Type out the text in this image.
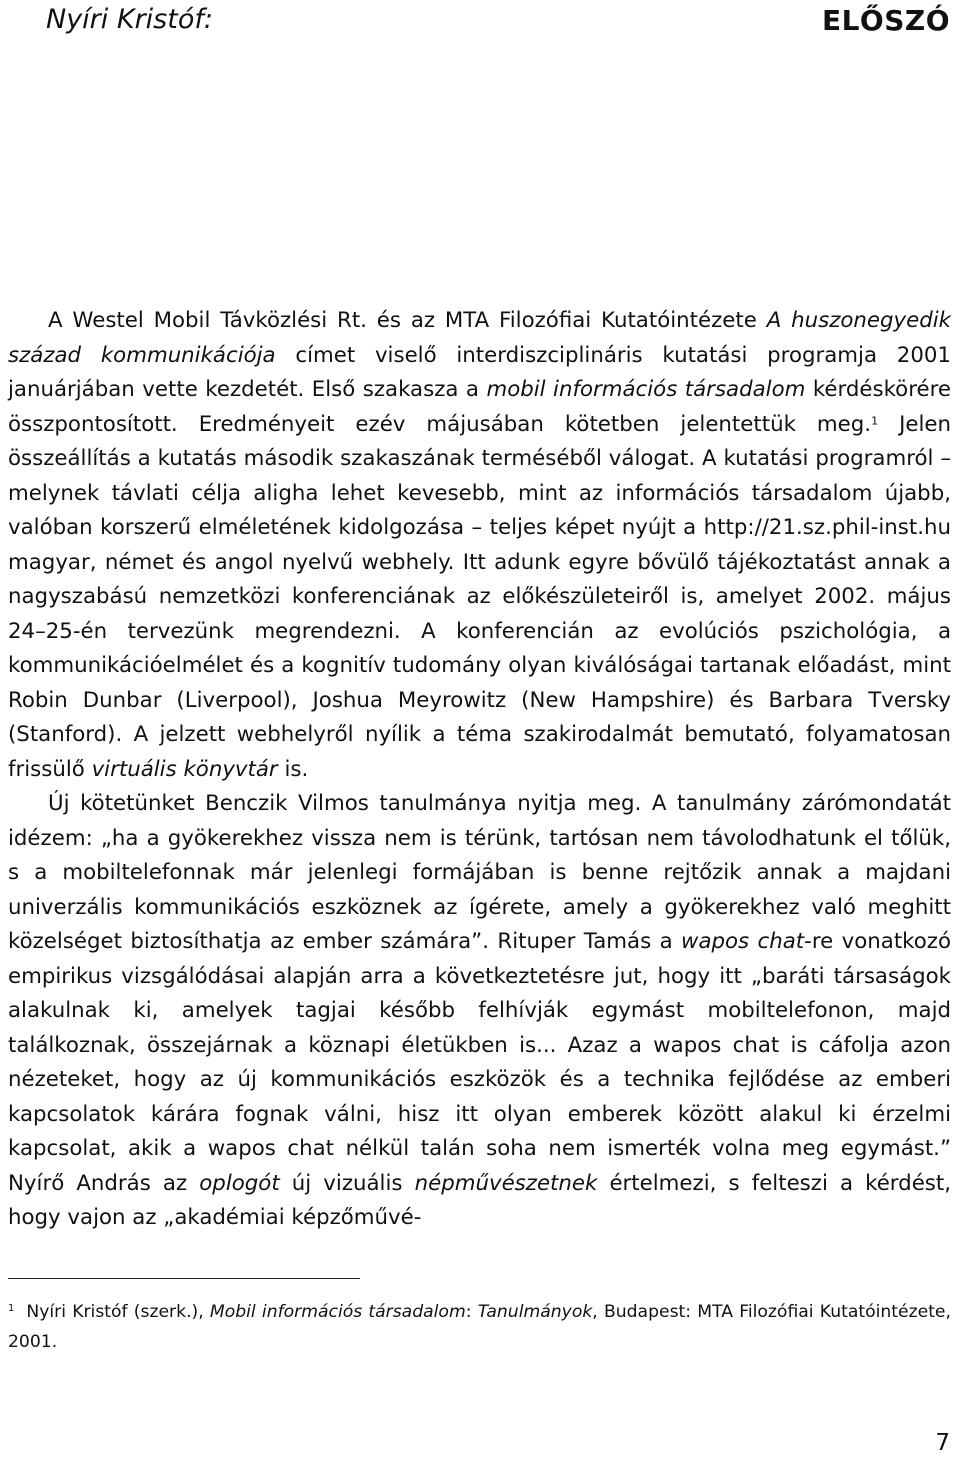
Nyíri Kristóf:	ELŐSZÓ

A Westel Mobil Távközlési Rt. és az MTA Filozófiai Kutatóintézete A huszonegyedik század kommunikációja címet viselő interdiszciplináris kutatási programja 2001 januárjában vette kezdetét. Első szakasza a mobil információs társadalom kérdéskörére összpontosított. Eredményeit ezév májusában kötetben jelentettük meg.$^1$ Jelen összeállítás a kutatás második szakaszának terméséből válogat. A kutatási programról – melynek távlati célja aligha lehet kevesebb, mint az információs társadalom újabb, valóban korszerű elméletének kidolgozása – teljes képet nyújt a http://21.sz.phil-inst.hu magyar, német és angol nyelvű webhely. Itt adunk egyre bővülő tájékoztatást annak a nagyszabású nemzetközi konferenciának az előkészületeiről is, amelyet 2002. május 24–25-én tervezünk megrendezni. A konferencián az evolúciós pszichológia, a kommunikációelmélet és a kognitív tudomány olyan kiválóságai tartanak előadást, mint Robin Dunbar (Liverpool), Joshua Meyrowitz (New Hampshire) és Barbara Tversky (Stanford). A jelzett webhelyről nyílik a téma szakirodalmát bemutató, folyamatosan frissülő virtuális könyvtár is.

Új kötetünket Benczik Vilmos tanulmánya nyitja meg. A tanulmány zárómondatát idézem: „ha a gyökerekhez vissza nem is térünk, tartósan nem távolodhatunk el tőlük, s a mobiltelefonnak már jelenlegi formájában is benne rejtőzik annak a majdani univerzális kommunikációs eszköznek az ígérete, amely a gyökerekhez való meghitt közelséget biztosíthatja az ember számára”. Rituper Tamás a wapos chat-re vonatkozó empirikus vizsgálódásai alapján arra a következtetésre jut, hogy itt „baráti társaságok alakulnak ki, amelyek tagjai később felhívják egymást mobiltelefonon, majd találkoznak, összejárnak a köznapi életükben is... Azaz a wapos chat is cáfolja azon nézeteket, hogy az új kommunikációs eszközök és a technika fejlődése az emberi kapcsolatok kárára fognak válni, hisz itt olyan emberek között alakul ki érzelmi kapcsolat, akik a wapos chat nélkül talán soha nem ismerték volna meg egymást.” Nyírő András az oplogót új vizuális népművészetnek értelmezi, s felteszi a kérdést, hogy vajon az „akadémiai képzőművé-

$^1$ Nyíri Kristóf (szerk.), Mobil információs társadalom: Tanulmányok, Budapest: MTA Filozófiai Kutatóintézete, 2001.
7
